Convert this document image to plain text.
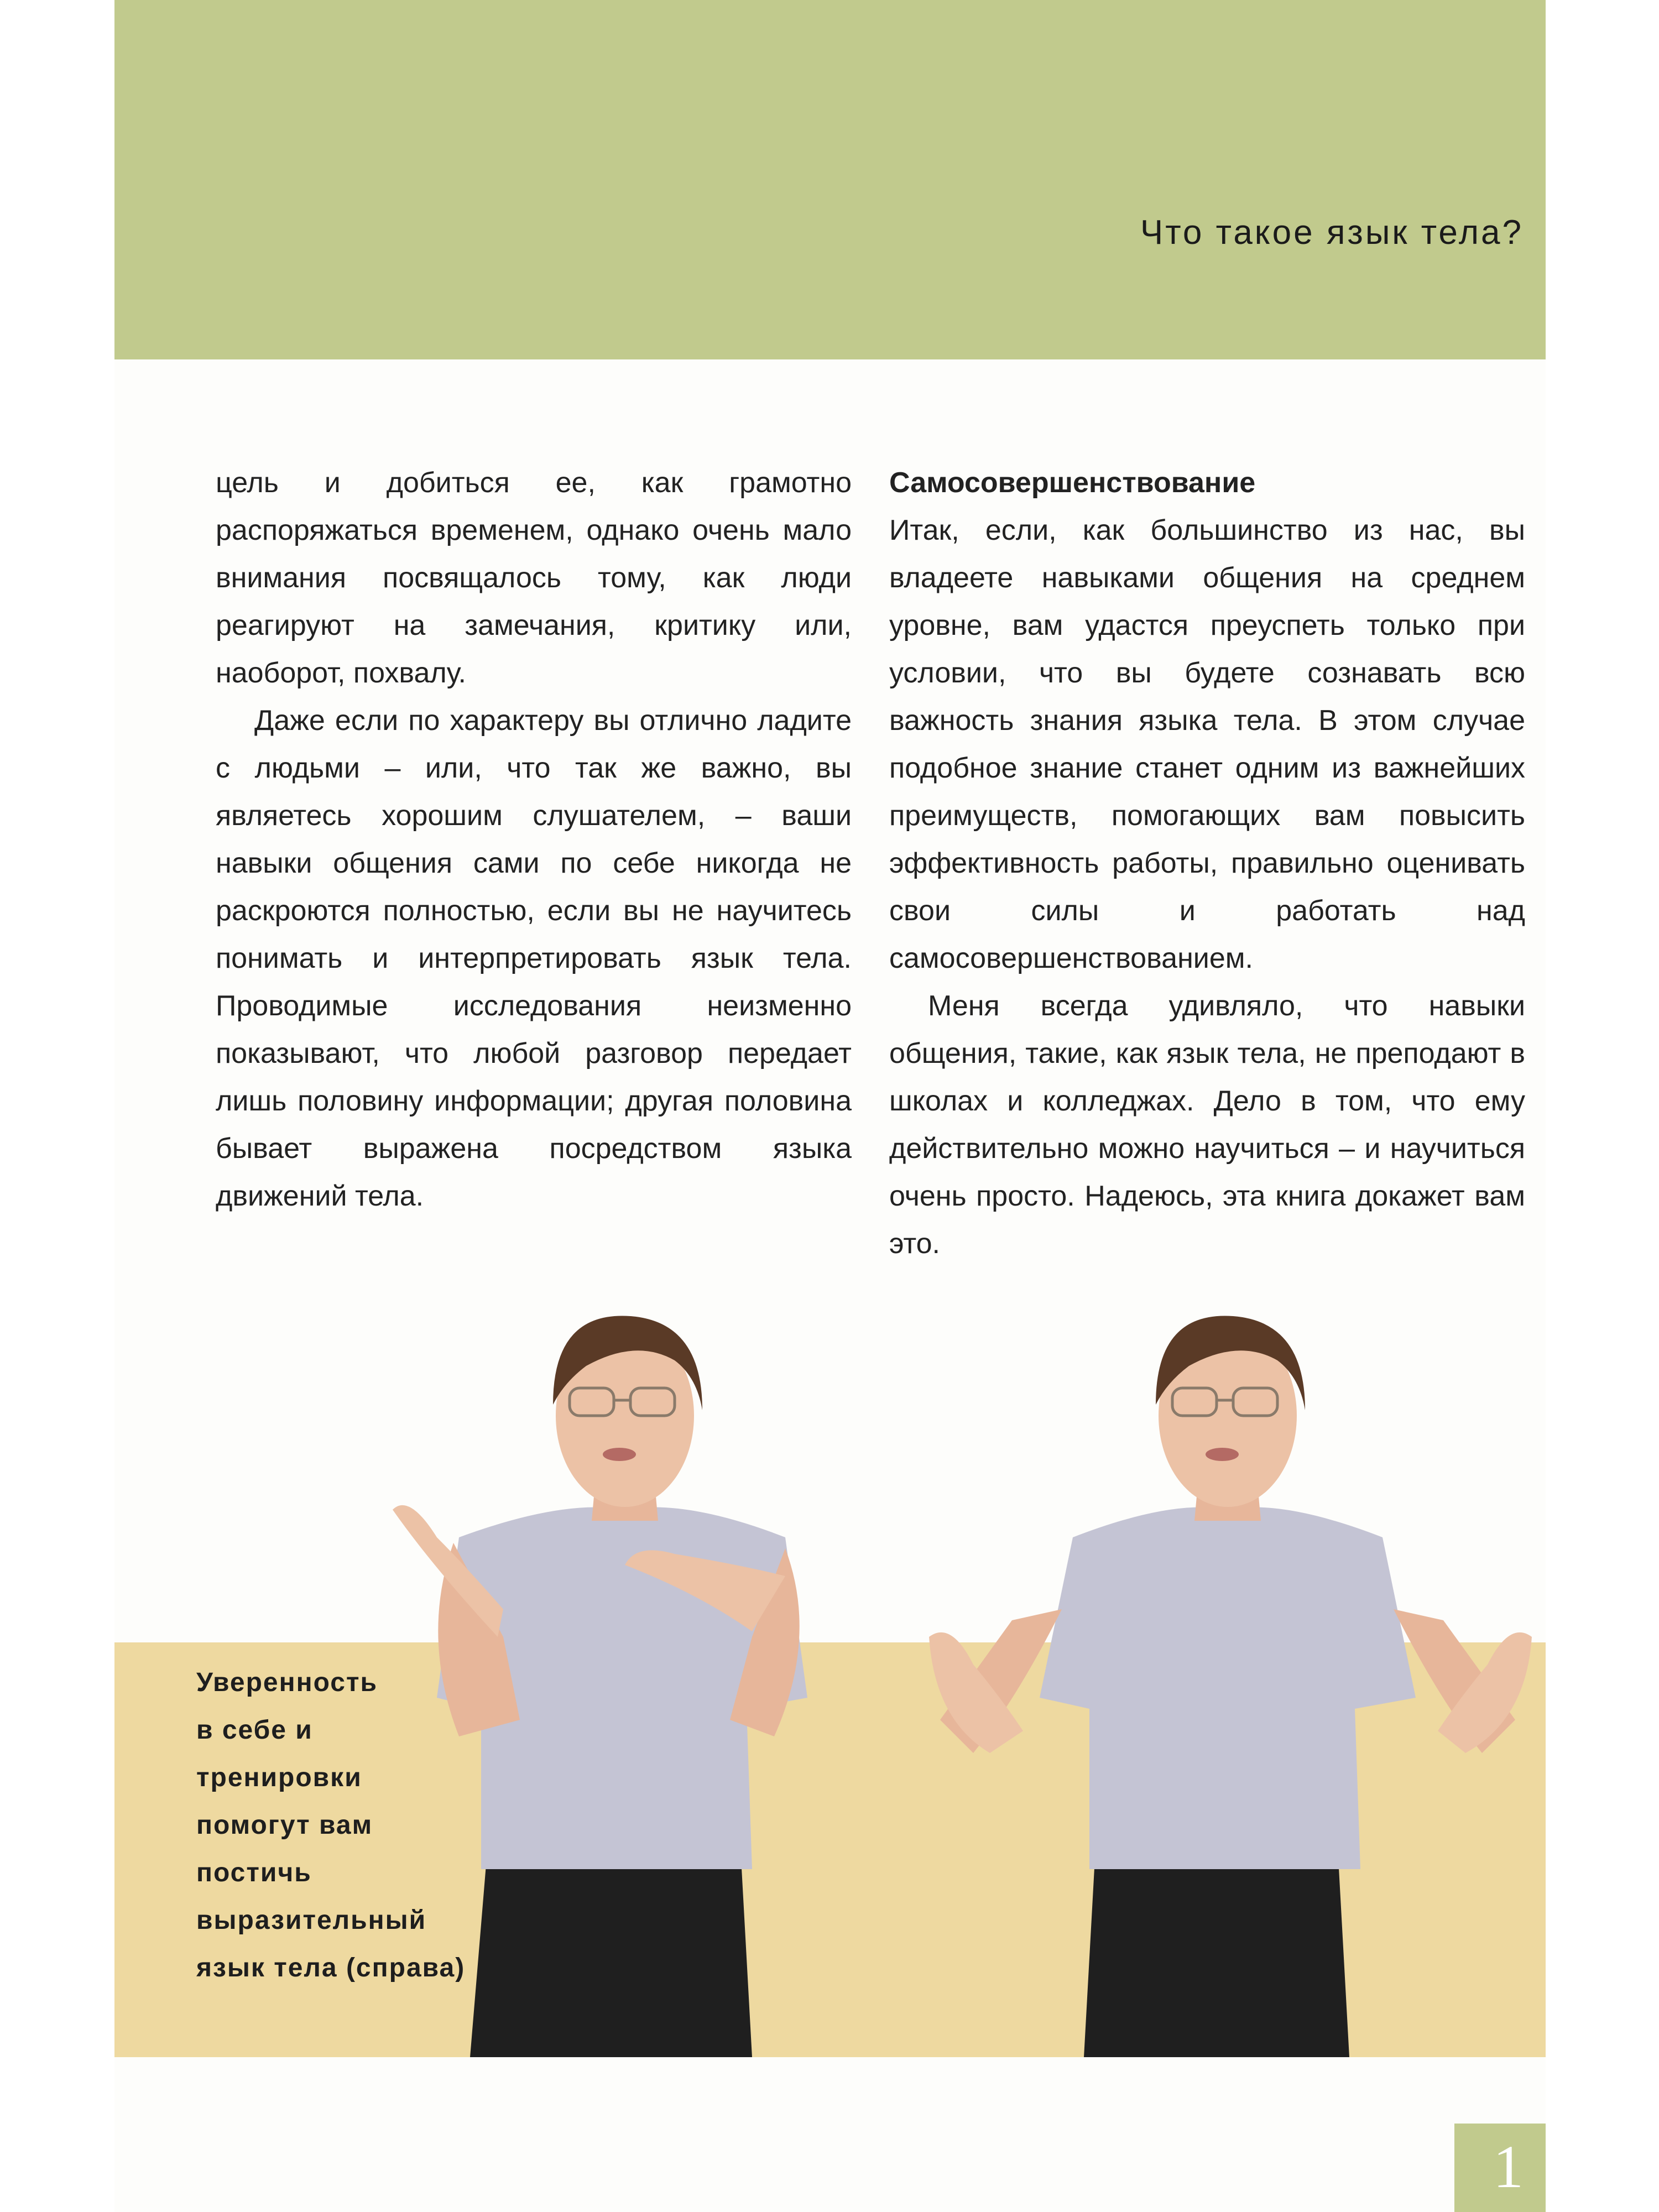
Что такое язык тела?

цель и добиться ее, как грамотно распоряжаться временем, однако очень мало внимания посвящалось тому, как люди реагируют на замечания, критику или, наоборот, похвалу.

Даже если по характеру вы отлично ладите с людьми – или, что так же важно, вы являетесь хорошим слушателем, – ваши навыки общения сами по себе никогда не раскроются полностью, если вы не научитесь понимать и интерпретировать язык тела. Проводимые исследования неизменно показывают, что любой разговор передает лишь половину информации; другая половина бывает выражена посредством языка движений тела.

Самосовершенствование

Итак, если, как большинство из нас, вы владеете навыками общения на среднем уровне, вам удастся преуспеть только при условии, что вы будете сознавать всю важность знания языка тела. В этом случае подобное знание станет одним из важнейших преимуществ, помогающих вам повысить эффективность работы, правильно оценивать свои силы и работать над самосовершенствованием.

Меня всегда удивляло, что навыки общения, такие, как язык тела, не преподают в школах и колледжах. Дело в том, что ему действительно можно научиться – и научиться очень просто. Надеюсь, эта книга докажет вам это.

Уверенность
в себе и
тренировки
помогут вам
постичь
выразительный
язык тела (справа)
1
